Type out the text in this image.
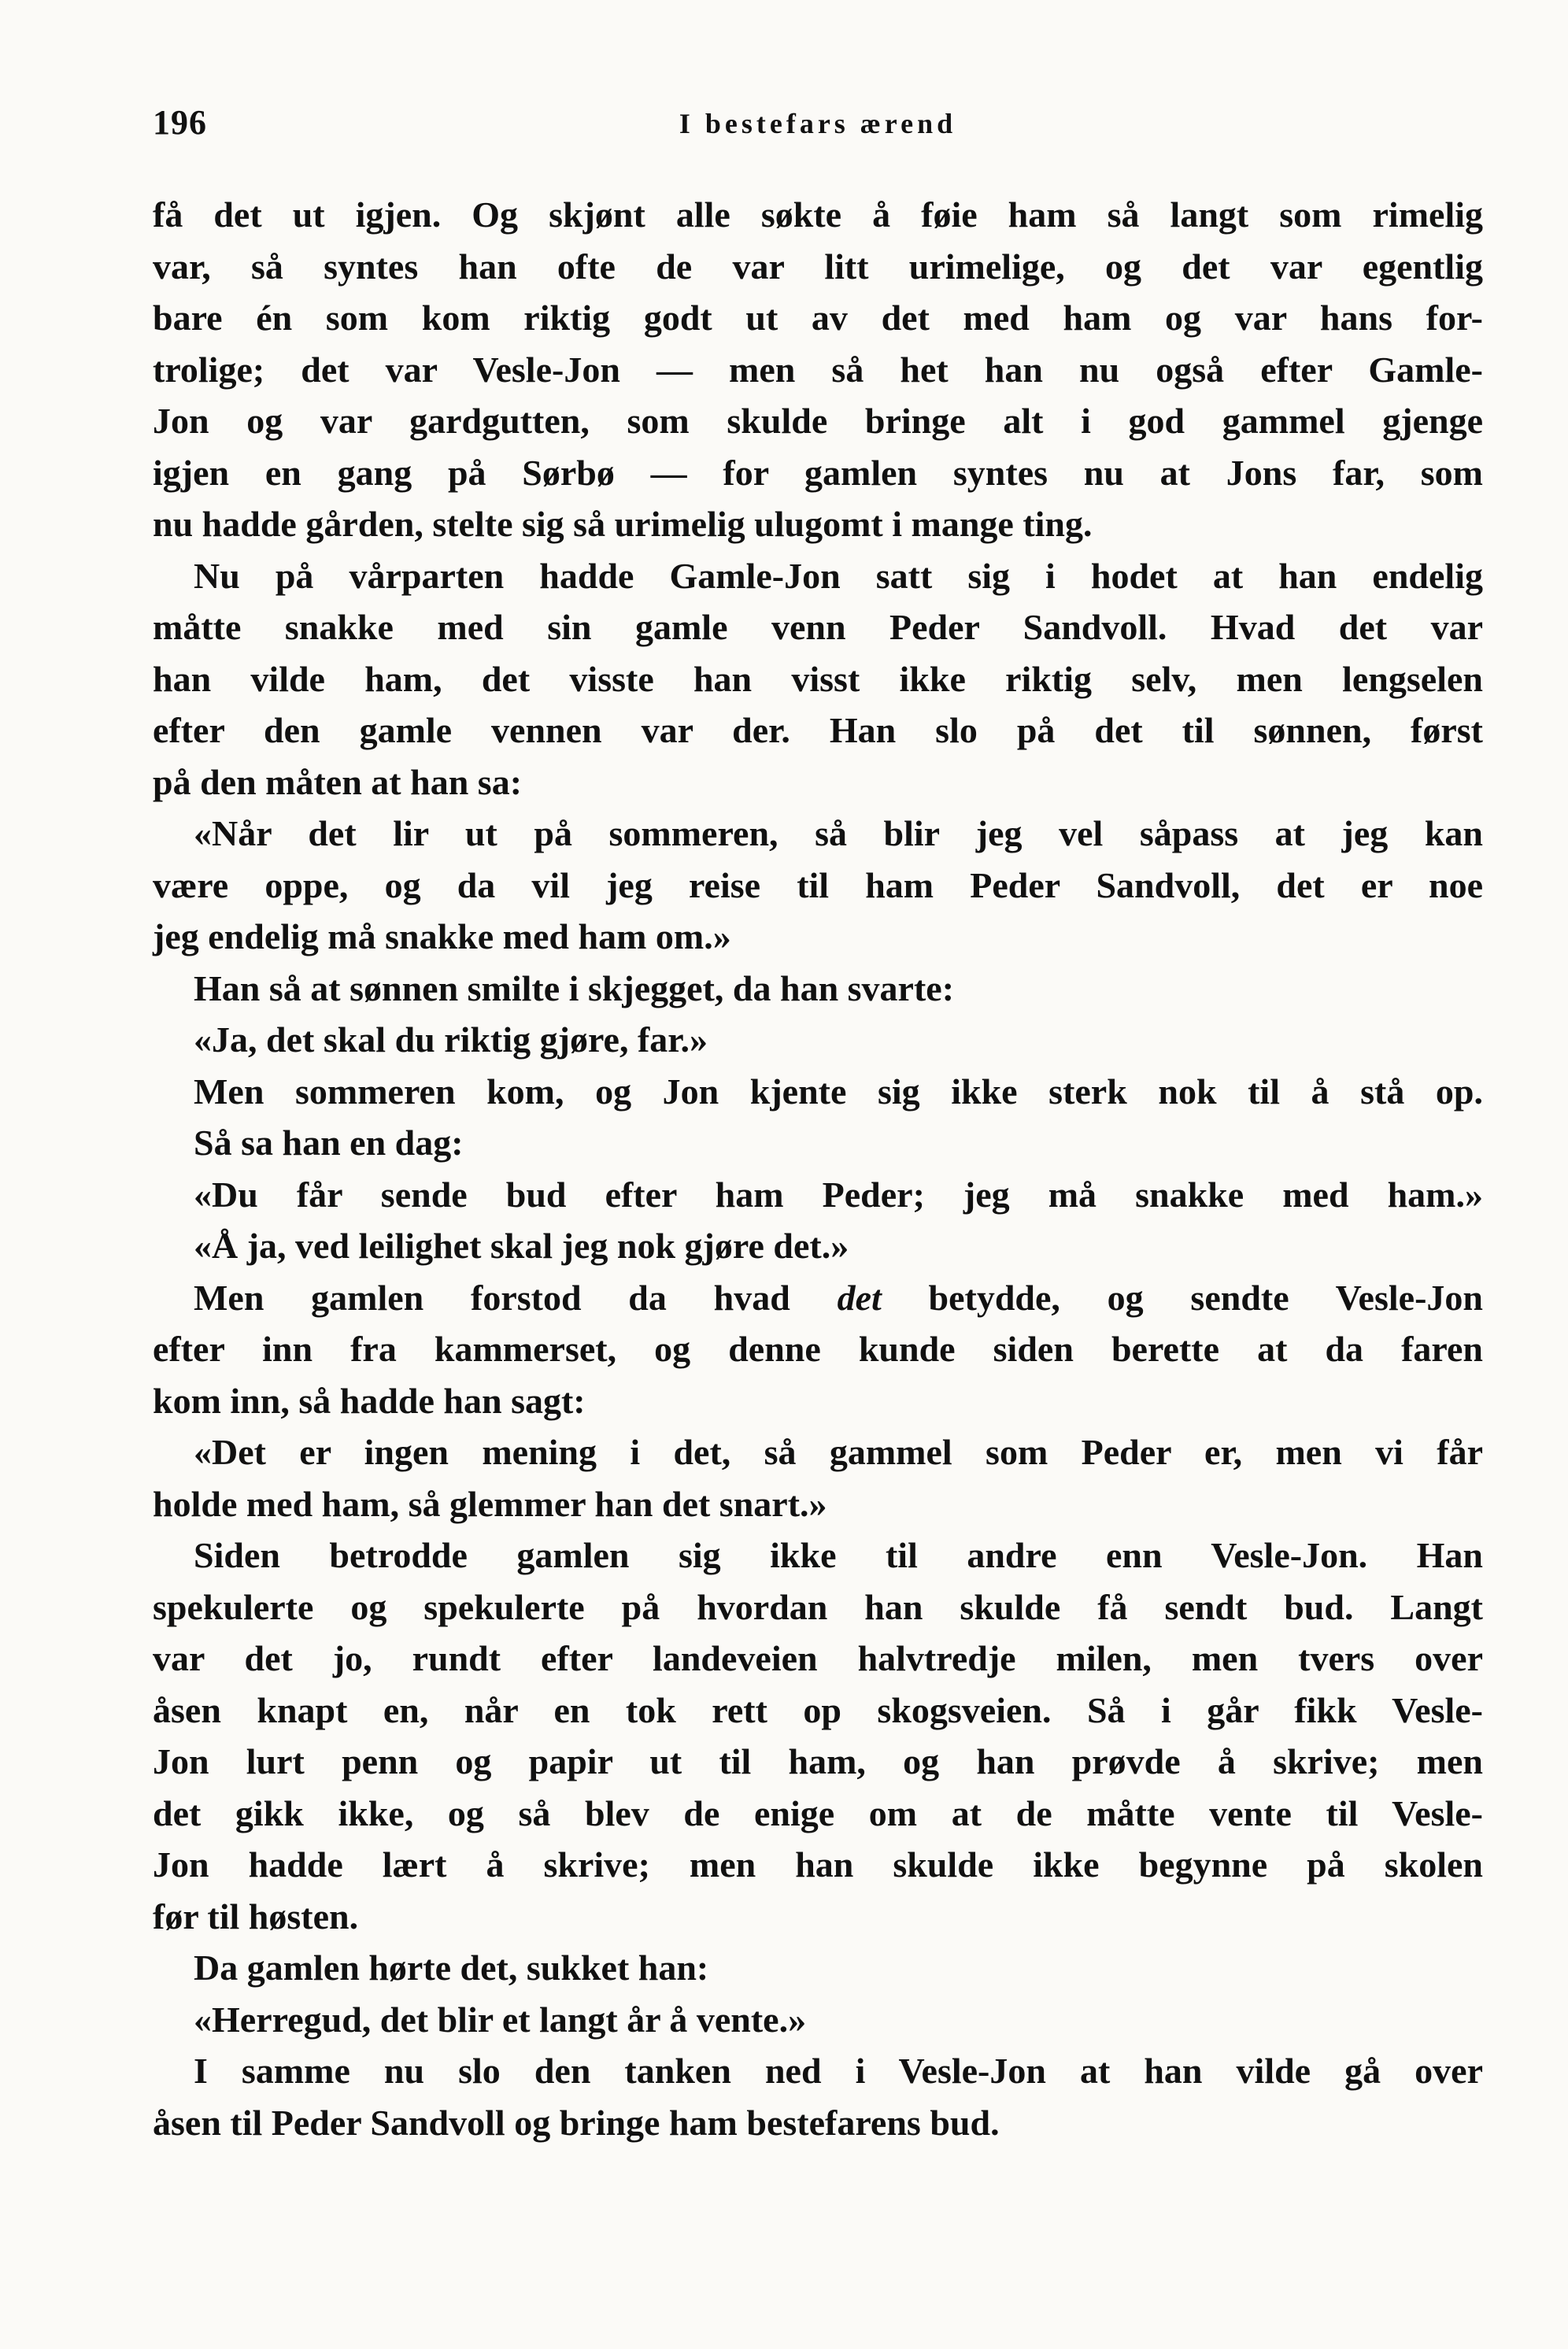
196	I bestefars ærend
få det ut igjen. Og skjønt alle søkte å føie ham så langt som rimelig
var, så syntes han ofte de var litt urimelige, og det var egentlig
bare én som kom riktig godt ut av det med ham og var hans for-
trolige; det var Vesle-Jon — men så het han nu også efter Gamle-
Jon og var gardgutten, som skulde bringe alt i god gammel gjenge
igjen en gang på Sørbø — for gamlen syntes nu at Jons far, som
nu hadde gården, stelte sig så urimelig ulugomt i mange ting.
Nu på vårparten hadde Gamle-Jon satt sig i hodet at han endelig
måtte snakke med sin gamle venn Peder Sandvoll. Hvad det var
han vilde ham, det visste han visst ikke riktig selv, men lengselen
efter den gamle vennen var der. Han slo på det til sønnen, først
på den måten at han sa:
«Når det lir ut på sommeren, så blir jeg vel såpass at jeg kan
være oppe, og da vil jeg reise til ham Peder Sandvoll, det er noe
jeg endelig må snakke med ham om.»
Han så at sønnen smilte i skjegget, da han svarte:
«Ja, det skal du riktig gjøre, far.»
Men sommeren kom, og Jon kjente sig ikke sterk nok til å stå op.
Så sa han en dag:
«Du får sende bud efter ham Peder; jeg må snakke med ham.»
«Å ja, ved leilighet skal jeg nok gjøre det.»
Men gamlen forstod da hvad det betydde, og sendte Vesle-Jon
efter inn fra kammerset, og denne kunde siden berette at da faren
kom inn, så hadde han sagt:
«Det er ingen mening i det, så gammel som Peder er, men vi får
holde med ham, så glemmer han det snart.»
Siden betrodde gamlen sig ikke til andre enn Vesle-Jon. Han
spekulerte og spekulerte på hvordan han skulde få sendt bud. Langt
var det jo, rundt efter landeveien halvtredje milen, men tvers over
åsen knapt en, når en tok rett op skogsveien. Så i går fikk Vesle-
Jon lurt penn og papir ut til ham, og han prøvde å skrive; men
det gikk ikke, og så blev de enige om at de måtte vente til Vesle-
Jon hadde lært å skrive; men han skulde ikke begynne på skolen
før til høsten.
Da gamlen hørte det, sukket han:
«Herregud, det blir et langt år å vente.»
I samme nu slo den tanken ned i Vesle-Jon at han vilde gå over
åsen til Peder Sandvoll og bringe ham bestefarens bud.
